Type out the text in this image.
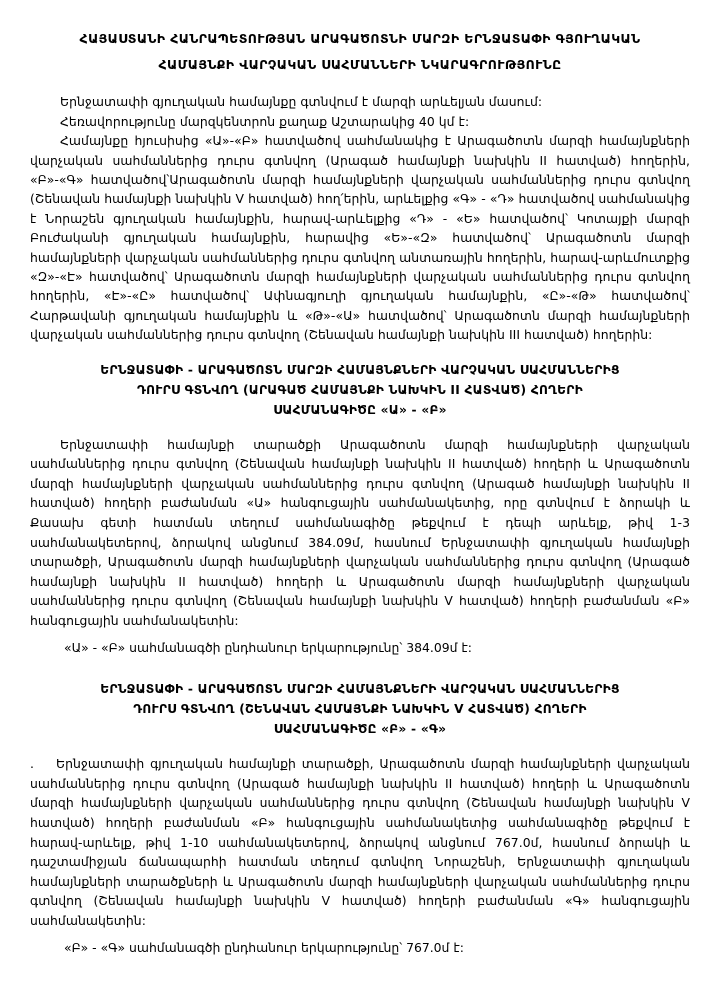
ՀԱՅԱՍՏԱՆԻ ՀԱՆՐԱՊԵՏՈՒԹՅԱՆ ԱՐԱԳԱԾՈՏՆԻ ՄԱՐԶԻ ԵՐՆՋԱՏԱՓԻ ԳՅՈՒՂԱԿԱՆ
ՀԱՄԱՅՆՔԻ ՎԱՐՉԱԿԱՆ ՍԱՀՄԱՆՆԵՐԻ ՆԿԱՐԱԳՐՈՒԹՅՈՒՆԸ

Երնջատափի գյուղական համայնքը գտնվում է մարզի արևելյան մասում:

Հեռավորությունը մարզկենտրոն քաղաք Աշտարակից 40 կմ է:

Համայնքը հյուսիսից «Ա»-«Բ» հատվածով սահմանակից է Արագածոտն մարզի համայնքների վարչական սահմաններից դուրս գտնվող (Արագած համայնքի նախկին II հատված) հողերին, «Բ»-«Գ» հատվածով՝Արագածոտն մարզի համայնքների վարչական սահմաններից դուրս գտնվող (Շենավան համայնքի նախկին V հատված) հող՛երին, արևելքից «Գ» - «Դ» հատվածով սահմանակից է Նորաշեն գյուղական համայնքին, հարավ-արևելքից «Դ» - «Ե» հատվածով՝ Կոտայքի մարզի Բուժականի գյուղական համայնքին, հարավից «Ե»-«Զ» հատվածով՝ Արագածոտն մարզի համայնքների վարչական սահմաններից դուրս գտնվող անտառային հողերին, հարավ-արևմուտքից «Զ»-«Է» հատվածով՝ Արագածոտն մարզի համայնքների վարչական սահմաններից դուրս գտնվող հողերին, «Է»-«Ը» հատվածով՝ Ափնագյուղի գյուղական համայնքին, «Ը»-«Թ» հատվածով՝ Հարթավանի գյուղական համայնքին և «Թ»-«Ա» հատվածով՝ Արագածոտն մարզի համայնքների վարչական սահմաններից դուրս գտնվող (Շենավան համայնքի նախկին III հատված) հողերին:

ԵՐՆՋԱՏԱՓԻ - ԱՐԱԳԱԾՈՏՆ ՄԱՐԶԻ ՀԱՄԱՅՆՔՆԵՐԻ ՎԱՐՉԱԿԱՆ ՍԱՀՄԱՆՆԵՐԻՑ
ԴՈՒՐՍ ԳՏՆՎՈՂ (ԱՐԱԳԱԾ ՀԱՄԱՅՆՔԻ ՆԱԽԿԻՆ II ՀԱՏՎԱԾ) ՀՈՂԵՐԻ
ՍԱՀՄԱՆԱԳԻԾԸ «Ա» - «Բ»

Երնջատափի համայնքի տարածքի Արագածոտն մարզի համայնքների վարչական սահմաններից դուրս գտնվող (Շենավան համայնքի նախկին II հատված) հողերի և Արագածոտն մարզի համայնքների վարչական սահմաններից դուրս գտնվող (Արագած համայնքի նախկին II հատված) հողերի բաժանման «Ա» հանգուցային սահմանակետից, որը գտնվում է ձորակի և Քասախ գետի հատման տեղում սահմանագիծը թեքվում է դեպի արևելք, թիվ 1-3 սահմանակետերով, ձորակով անցնում 384.09մ, հասնում Երնջատափի գյուղական համայնքի տարածքի, Արագածոտն մարզի համայնքների վարչական սահմաններից դուրս գտնվող (Արագած համայնքի նախկին II հատված) հողերի և Արագածոտն մարզի համայնքների վարչական սահմաններից դուրս գտնվող (Շենավան համայնքի նախկին V հատված) հողերի բաժանման «Բ» հանգուցային սահմանակետին:

«Ա» - «Բ» սահմանագծի ընդհանուր երկարությունը՝ 384.09մ է:

ԵՐՆՋԱՏԱՓԻ - ԱՐԱԳԱԾՈՏՆ ՄԱՐԶԻ ՀԱՄԱՅՆՔՆԵՐԻ ՎԱՐՉԱԿԱՆ ՍԱՀՄԱՆՆԵՐԻՑ
ԴՈՒՐՍ ԳՏՆՎՈՂ (ՇԵՆԱՎԱՆ ՀԱՄԱՅՆՔԻ ՆԱԽԿԻՆ V ՀԱՏՎԱԾ) ՀՈՂԵՐԻ
ՍԱՀՄԱՆԱԳԻԾԸ «Բ» - «Գ»

. Երնջատափի գյուղական համայնքի տարածքի, Արագածոտն մարզի համայնքների վարչական սահմաններից դուրս գտնվող (Արագած համայնքի նախկին II հատված) հողերի և Արագածոտն մարզի համայնքների վարչական սահմաններից դուրս գտնվող (Շենավան համայնքի նախկին V հատված) հողերի բաժանման «Բ» հանգուցային սահմանակետից սահմանագիծը թեքվում է հարավ-արևելք, թիվ 1-10 սահմանակետերով, ձորակով անցնում 767.0մ, հասնում ձորակի և դաշտամիջյան ճանապարհի հատման տեղում գտնվող Նորաշենի, Երնջատափի գյուղական համայնքների տարածքների և Արագածոտն մարզի համայնքների վարչական սահմաններից դուրս գտնվող (Շենավան համայնքի նախկին V հատված) հողերի բաժանման «Գ» հանգուցային սահմանակետին:

«Բ» - «Գ» սահմանագծի ընդհանուր երկարությունը՝ 767.0մ է:
